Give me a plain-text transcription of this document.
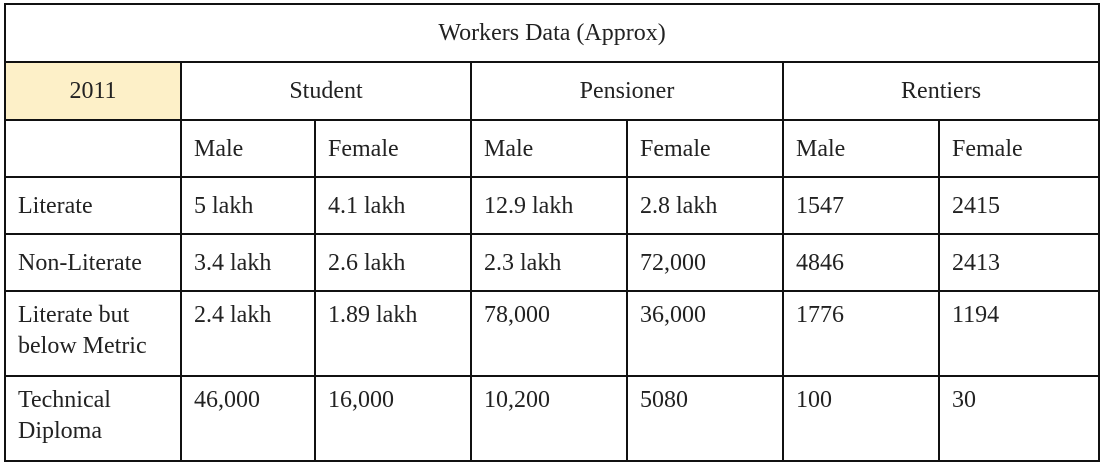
Workers Data (Approx)						
2011	Student		Pensioner		Rentiers	
	Male	Female	Male	Female	Male	Female
Literate	5 lakh	4.1 lakh	12.9 lakh	2.8 lakh	1547	2415
Non-Literate	3.4 lakh	2.6 lakh	2.3 lakh	72,000	4846	2413
Literate but below Metric	2.4 lakh	1.89 lakh	78,000	36,000	1776	1194
Technical Diploma	46,000	16,000	10,200	5080	100	30
